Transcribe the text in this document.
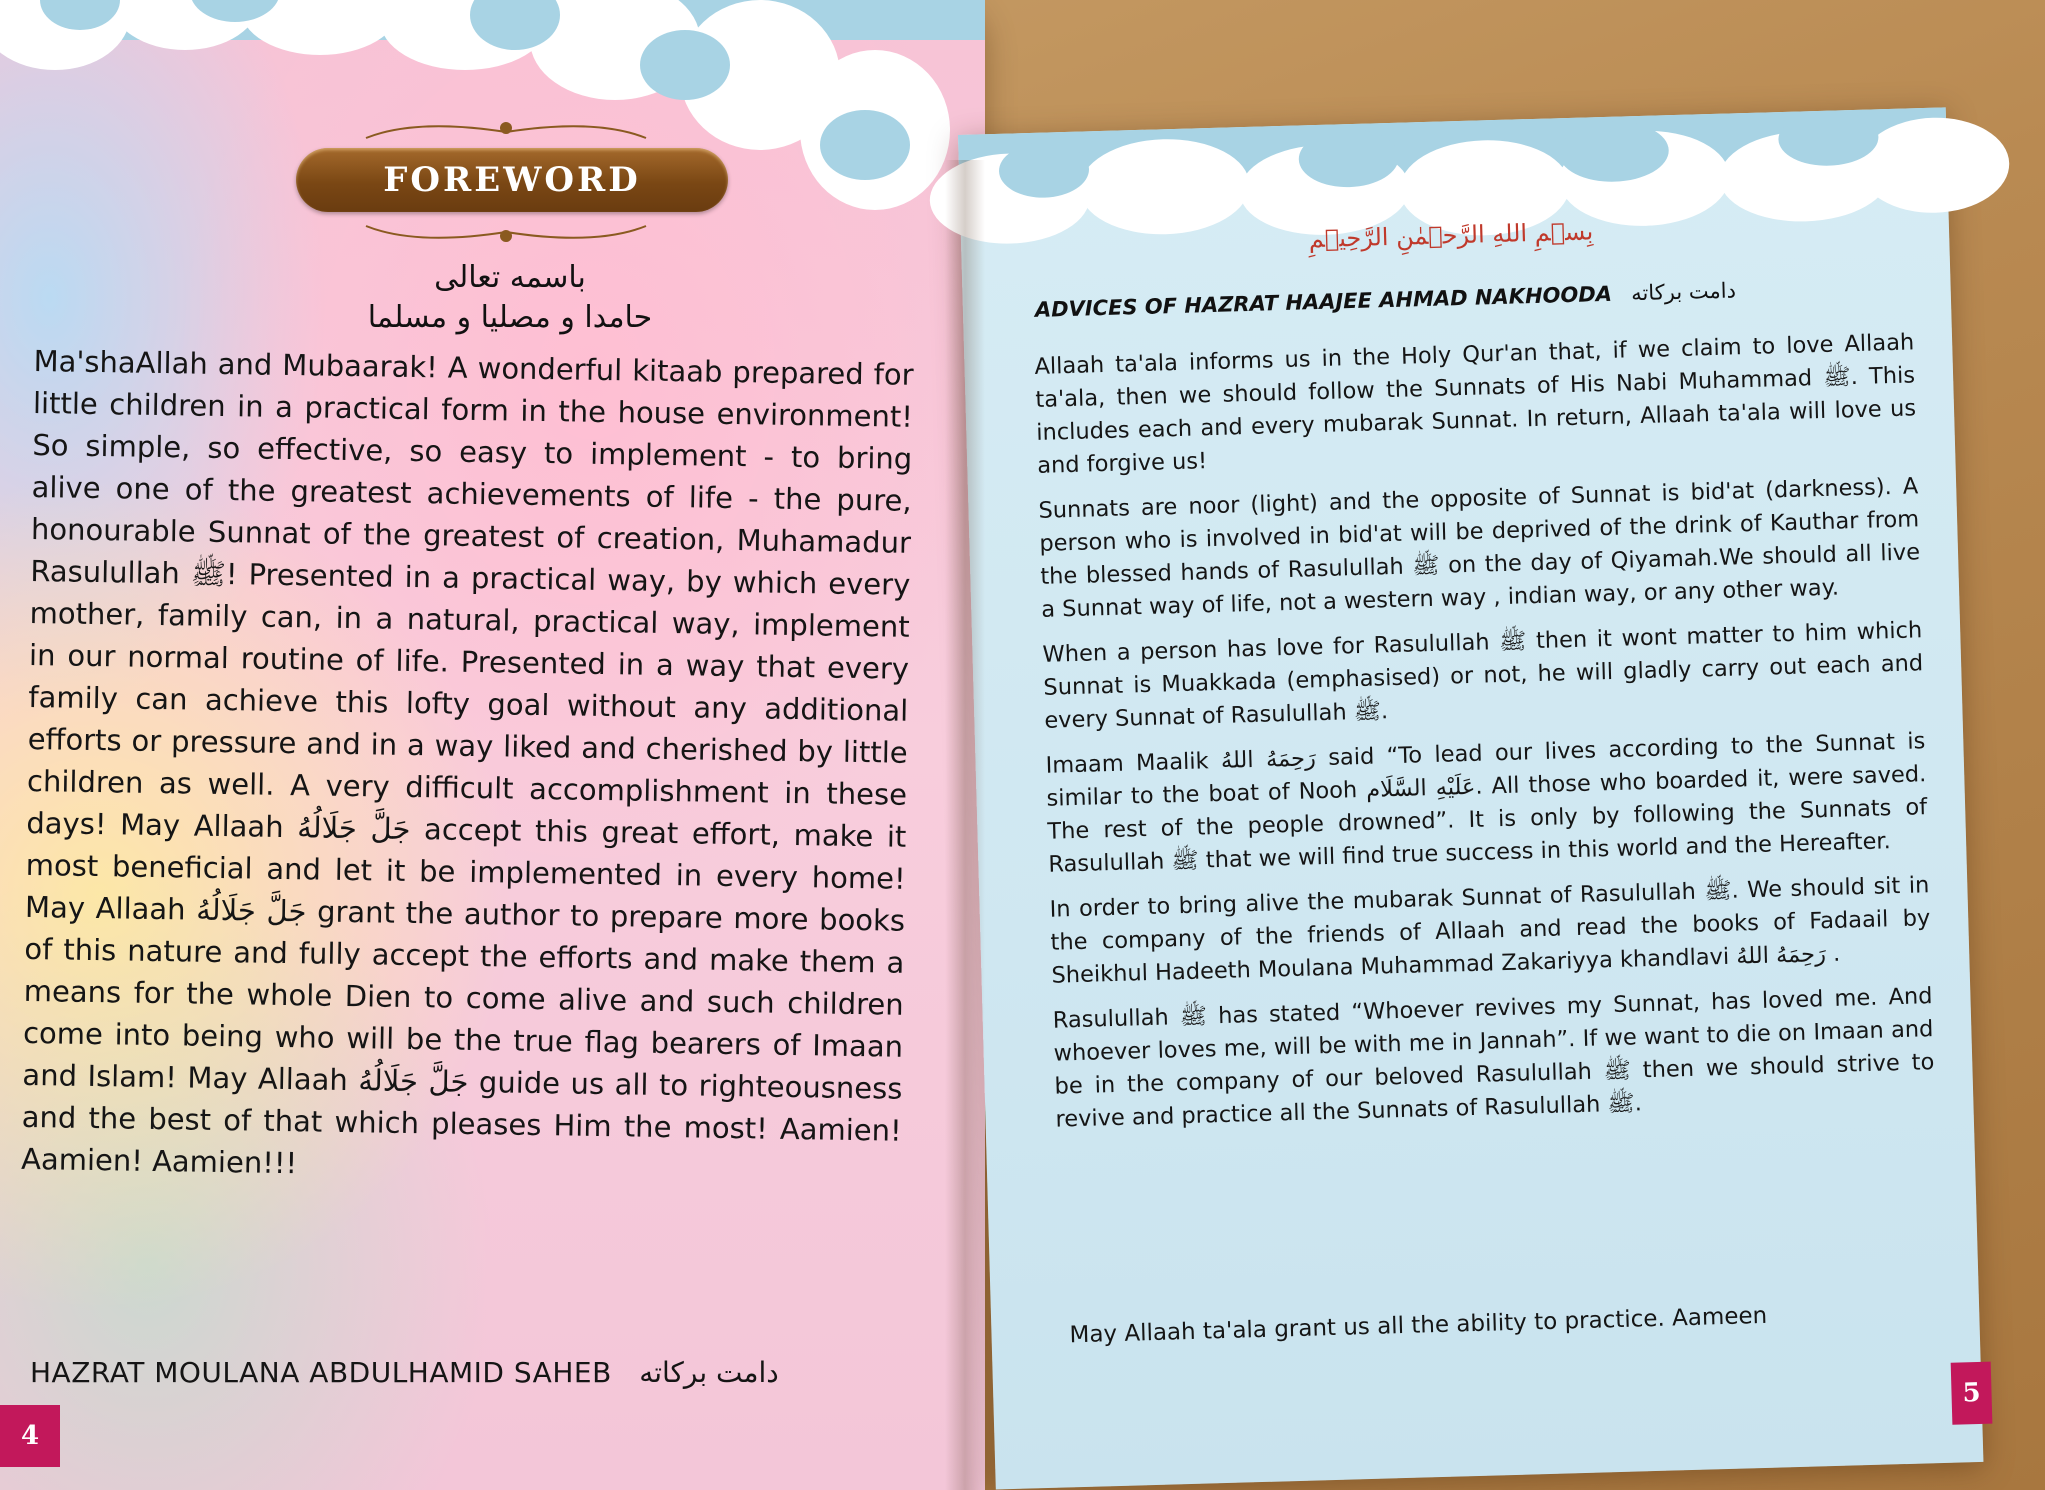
FOREWORD
باسمه تعالى
حامدا و مصليا و مسلما
Ma'shaAllah and Mubaarak! A wonderful kitaab prepared for little children in a practical form in the house environment! So simple, so effective, so easy to implement - to bring alive one of the greatest achievements of life - the pure, honourable Sunnat of the greatest of creation, Muhamadur Rasulullah ﷺ! Presented in a practical way, by which every mother, family can, in a natural, practical way, implement in our normal routine of life. Presented in a way that every family can achieve this lofty goal without any additional efforts or pressure and in a way liked and cherished by little children as well. A very difficult accomplishment in these days! May Allaah جَلَّ جَلَالُهُ accept this great effort, make it most beneficial and let it be implemented in every home! May Allaah جَلَّ جَلَالُهُ grant the author to prepare more books of this nature and fully accept the efforts and make them a means for the whole Dien to come alive and such children come into being who will be the true flag bearers of Imaan and Islam! May Allaah جَلَّ جَلَالُهُ guide us all to righteousness and the best of that which pleases Him the most! Aamien! Aamien! Aamien!!!
HAZRAT MOULANA ABDULHAMID SAHEB دامت بركاته
4
بِسۡمِ اللهِ الرَّحۡمٰنِ الرَّحِیۡمِ
ADVICES OF HAZRAT HAAJEE AHMAD NAKHOODA دامت بركاته

Allaah ta'ala informs us in the Holy Qur'an that, if we claim to love Allaah ta'ala, then we should follow the Sunnats of His Nabi Muhammad ﷺ. This includes each and every mubarak Sunnat. In return, Allaah ta'ala will love us and forgive us!

Sunnats are noor (light) and the opposite of Sunnat is bid'at (darkness). A person who is involved in bid'at will be deprived of the drink of Kauthar from the blessed hands of Rasulullah ﷺ on the day of Qiyamah.We should all live a Sunnat way of life, not a western way , indian way, or any other way.

When a person has love for Rasulullah ﷺ then it wont matter to him which Sunnat is Muakkada (emphasised) or not, he will gladly carry out each and every Sunnat of Rasulullah ﷺ.

Imaam Maalik رَحِمَهُ اللهُ said “To lead our lives according to the Sunnat is similar to the boat of Nooh عَلَيْهِ السَّلَام. All those who boarded it, were saved. The rest of the people drowned”. It is only by following the Sunnats of Rasulullah ﷺ that we will find true success in this world and the Hereafter.

In order to bring alive the mubarak Sunnat of Rasulullah ﷺ. We should sit in the company of the friends of Allaah and read the books of Fadaail by Sheikhul Hadeeth Moulana Muhammad Zakariyya khandlavi رَحِمَهُ اللهُ .

Rasulullah ﷺ has stated “Whoever revives my Sunnat, has loved me. And whoever loves me, will be with me in Jannah”. If we want to die on Imaan and be in the company of our beloved Rasulullah ﷺ then we should strive to revive and practice all the Sunnats of Rasulullah ﷺ.

May Allaah ta'ala grant us all the ability to practice. Aameen
5
